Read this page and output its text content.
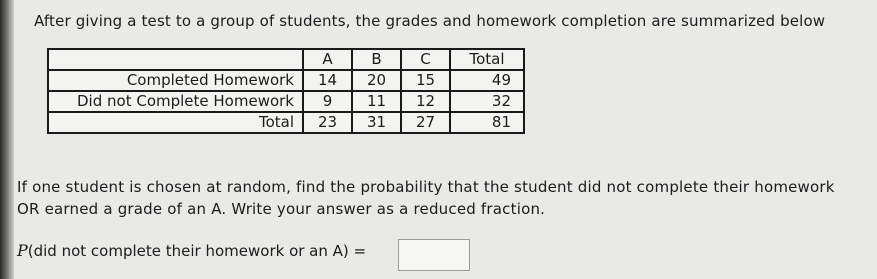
After giving a test to a group of students, the grades and homework completion are summarized below
	A	B	C	Total
Completed Homework	14	20	15	49
Did not Complete Homework	9	11	12	32
Total	23	31	27	81
If one student is chosen at random, find the probability that the student did not complete their homework
OR earned a grade of an A. Write your answer as a reduced fraction.
P (did not complete their homework or an A) =
